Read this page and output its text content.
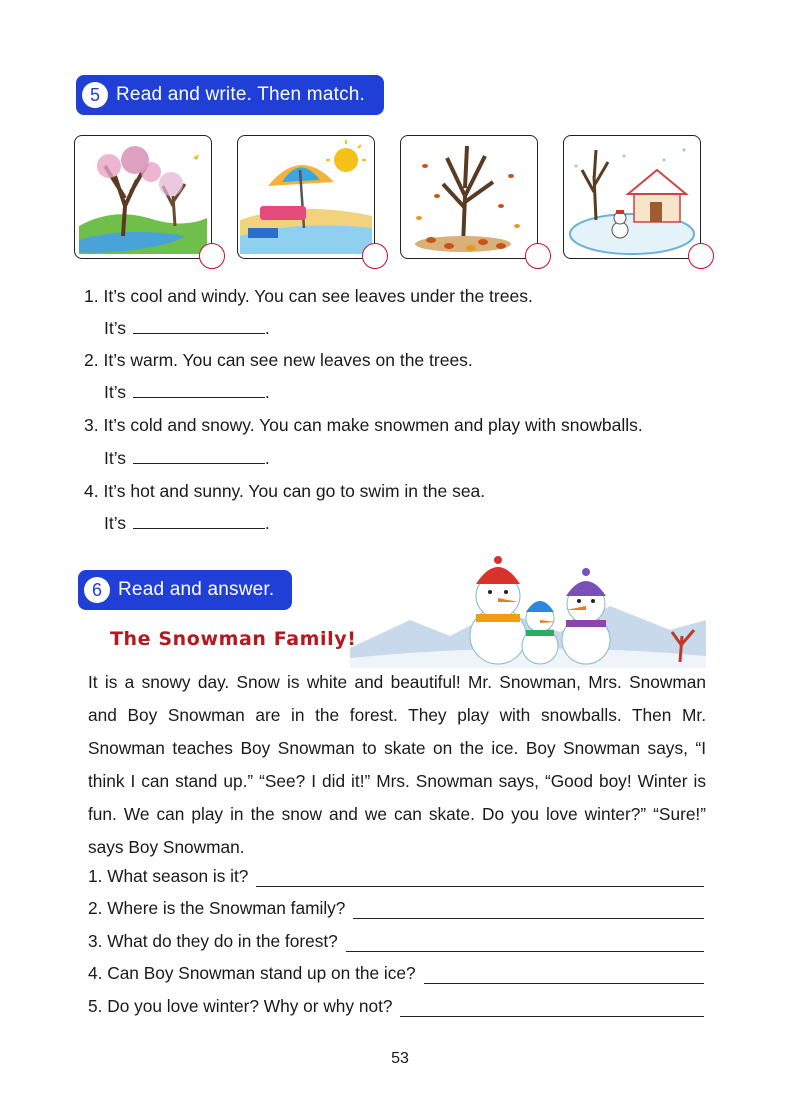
5 Read and write. Then match.
1. It’s cool and windy. You can see leaves under the trees.
It’s	.
2. It’s warm. You can see new leaves on the trees.
It’s	.
3. It’s cold and snowy. You can make snowmen and play with snowballs.
It’s	.
4. It’s hot and sunny. You can go to swim in the sea.
It’s	.
6 Read and answer.
The Snowman Family!
It is a snowy day. Snow is white and beautiful! Mr. Snowman, Mrs. Snowman and Boy Snowman are in the forest. They play with snowballs. Then Mr. Snowman teaches Boy Snowman to skate on the ice. Boy Snowman says, “I think I can stand up.” “See? I did it!” Mrs. Snowman says, “Good boy! Winter is fun. We can play in the snow and we can skate. Do you love winter?” “Sure!” says Boy Snowman.
1. What season is it?
2. Where is the Snowman family?
3. What do they do in the forest?
4. Can Boy Snowman stand up on the ice?
5. Do you love winter? Why or why not?
53
